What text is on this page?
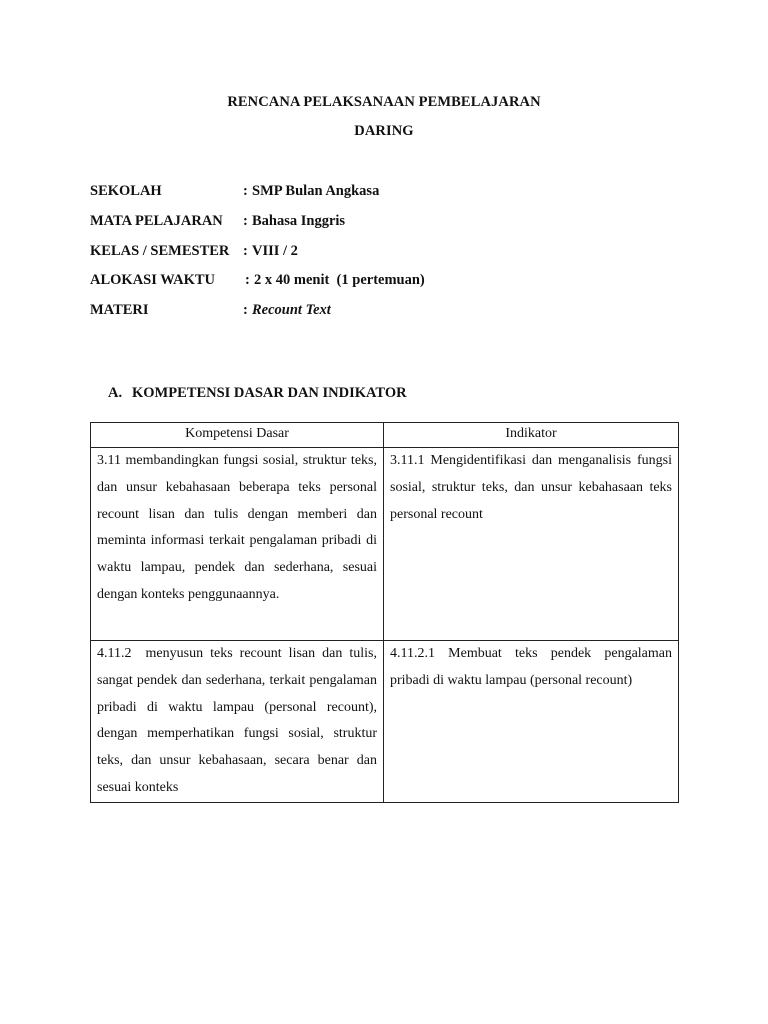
RENCANA PELAKSANAAN PEMBELAJARAN
DARING
SEKOLAH	: SMP Bulan Angkasa
MATA PELAJARAN : Bahasa Inggris
KELAS / SEMESTER : VIII / 2
ALOKASI WAKTU : 2 x 40 menit  (1 pertemuan)
MATERI	: Recount Text
A. KOMPETENSI DASAR DAN INDIKATOR
Kompetensi Dasar	Indikator
3.11 membandingkan fungsi sosial, struktur teks, dan unsur kebahasaan beberapa teks personal recount lisan dan tulis dengan memberi dan meminta informasi terkait pengalaman pribadi di waktu lampau, pendek dan sederhana, sesuai dengan konteks penggunaannya.	3.11.1 Mengidentifikasi dan menganalisis fungsi sosial, struktur teks, dan unsur kebahasaan teks personal recount
4.11.2  menyusun teks recount lisan dan tulis, sangat pendek dan sederhana, terkait pengalaman pribadi di waktu lampau (personal recount), dengan memperhatikan fungsi sosial, struktur teks, dan unsur kebahasaan, secara benar dan sesuai konteks	4.11.2.1 Membuat teks pendek pengalaman pribadi di waktu lampau (personal recount)
